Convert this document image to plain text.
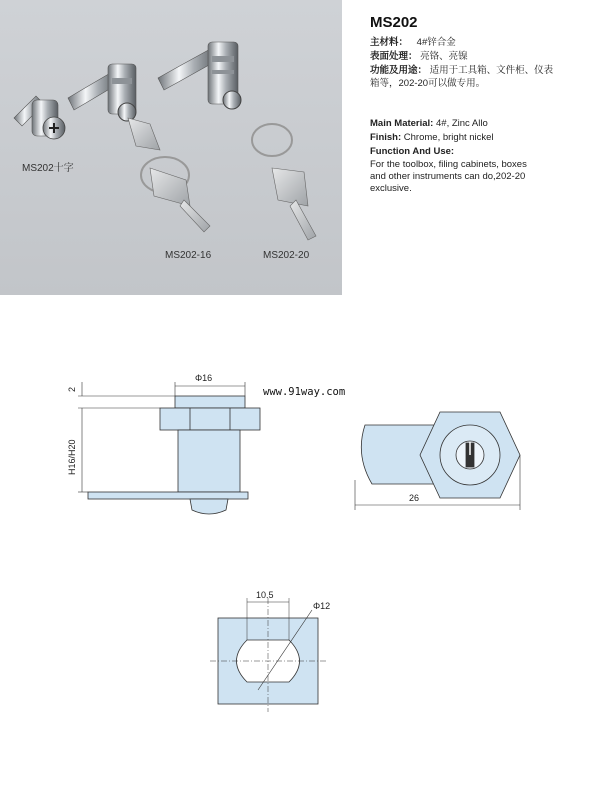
MS202十字
MS202-16	MS202-20
MS202
主材料： 4#锌合金
表面处理： 亮铬、亮镍
功能及用途： 适用于工具箱、文件柜、仪表
箱等，202-20可以做专用。
Main Material: 4#, Zinc Allo
Finish: Chrome, bright nickel
Function And Use:
For the toolbox, filing cabinets, boxes
and other instruments can do,202-20
exclusive.
Φ16
2
H16/H20
26
10.5
Φ12
www.91way.com
